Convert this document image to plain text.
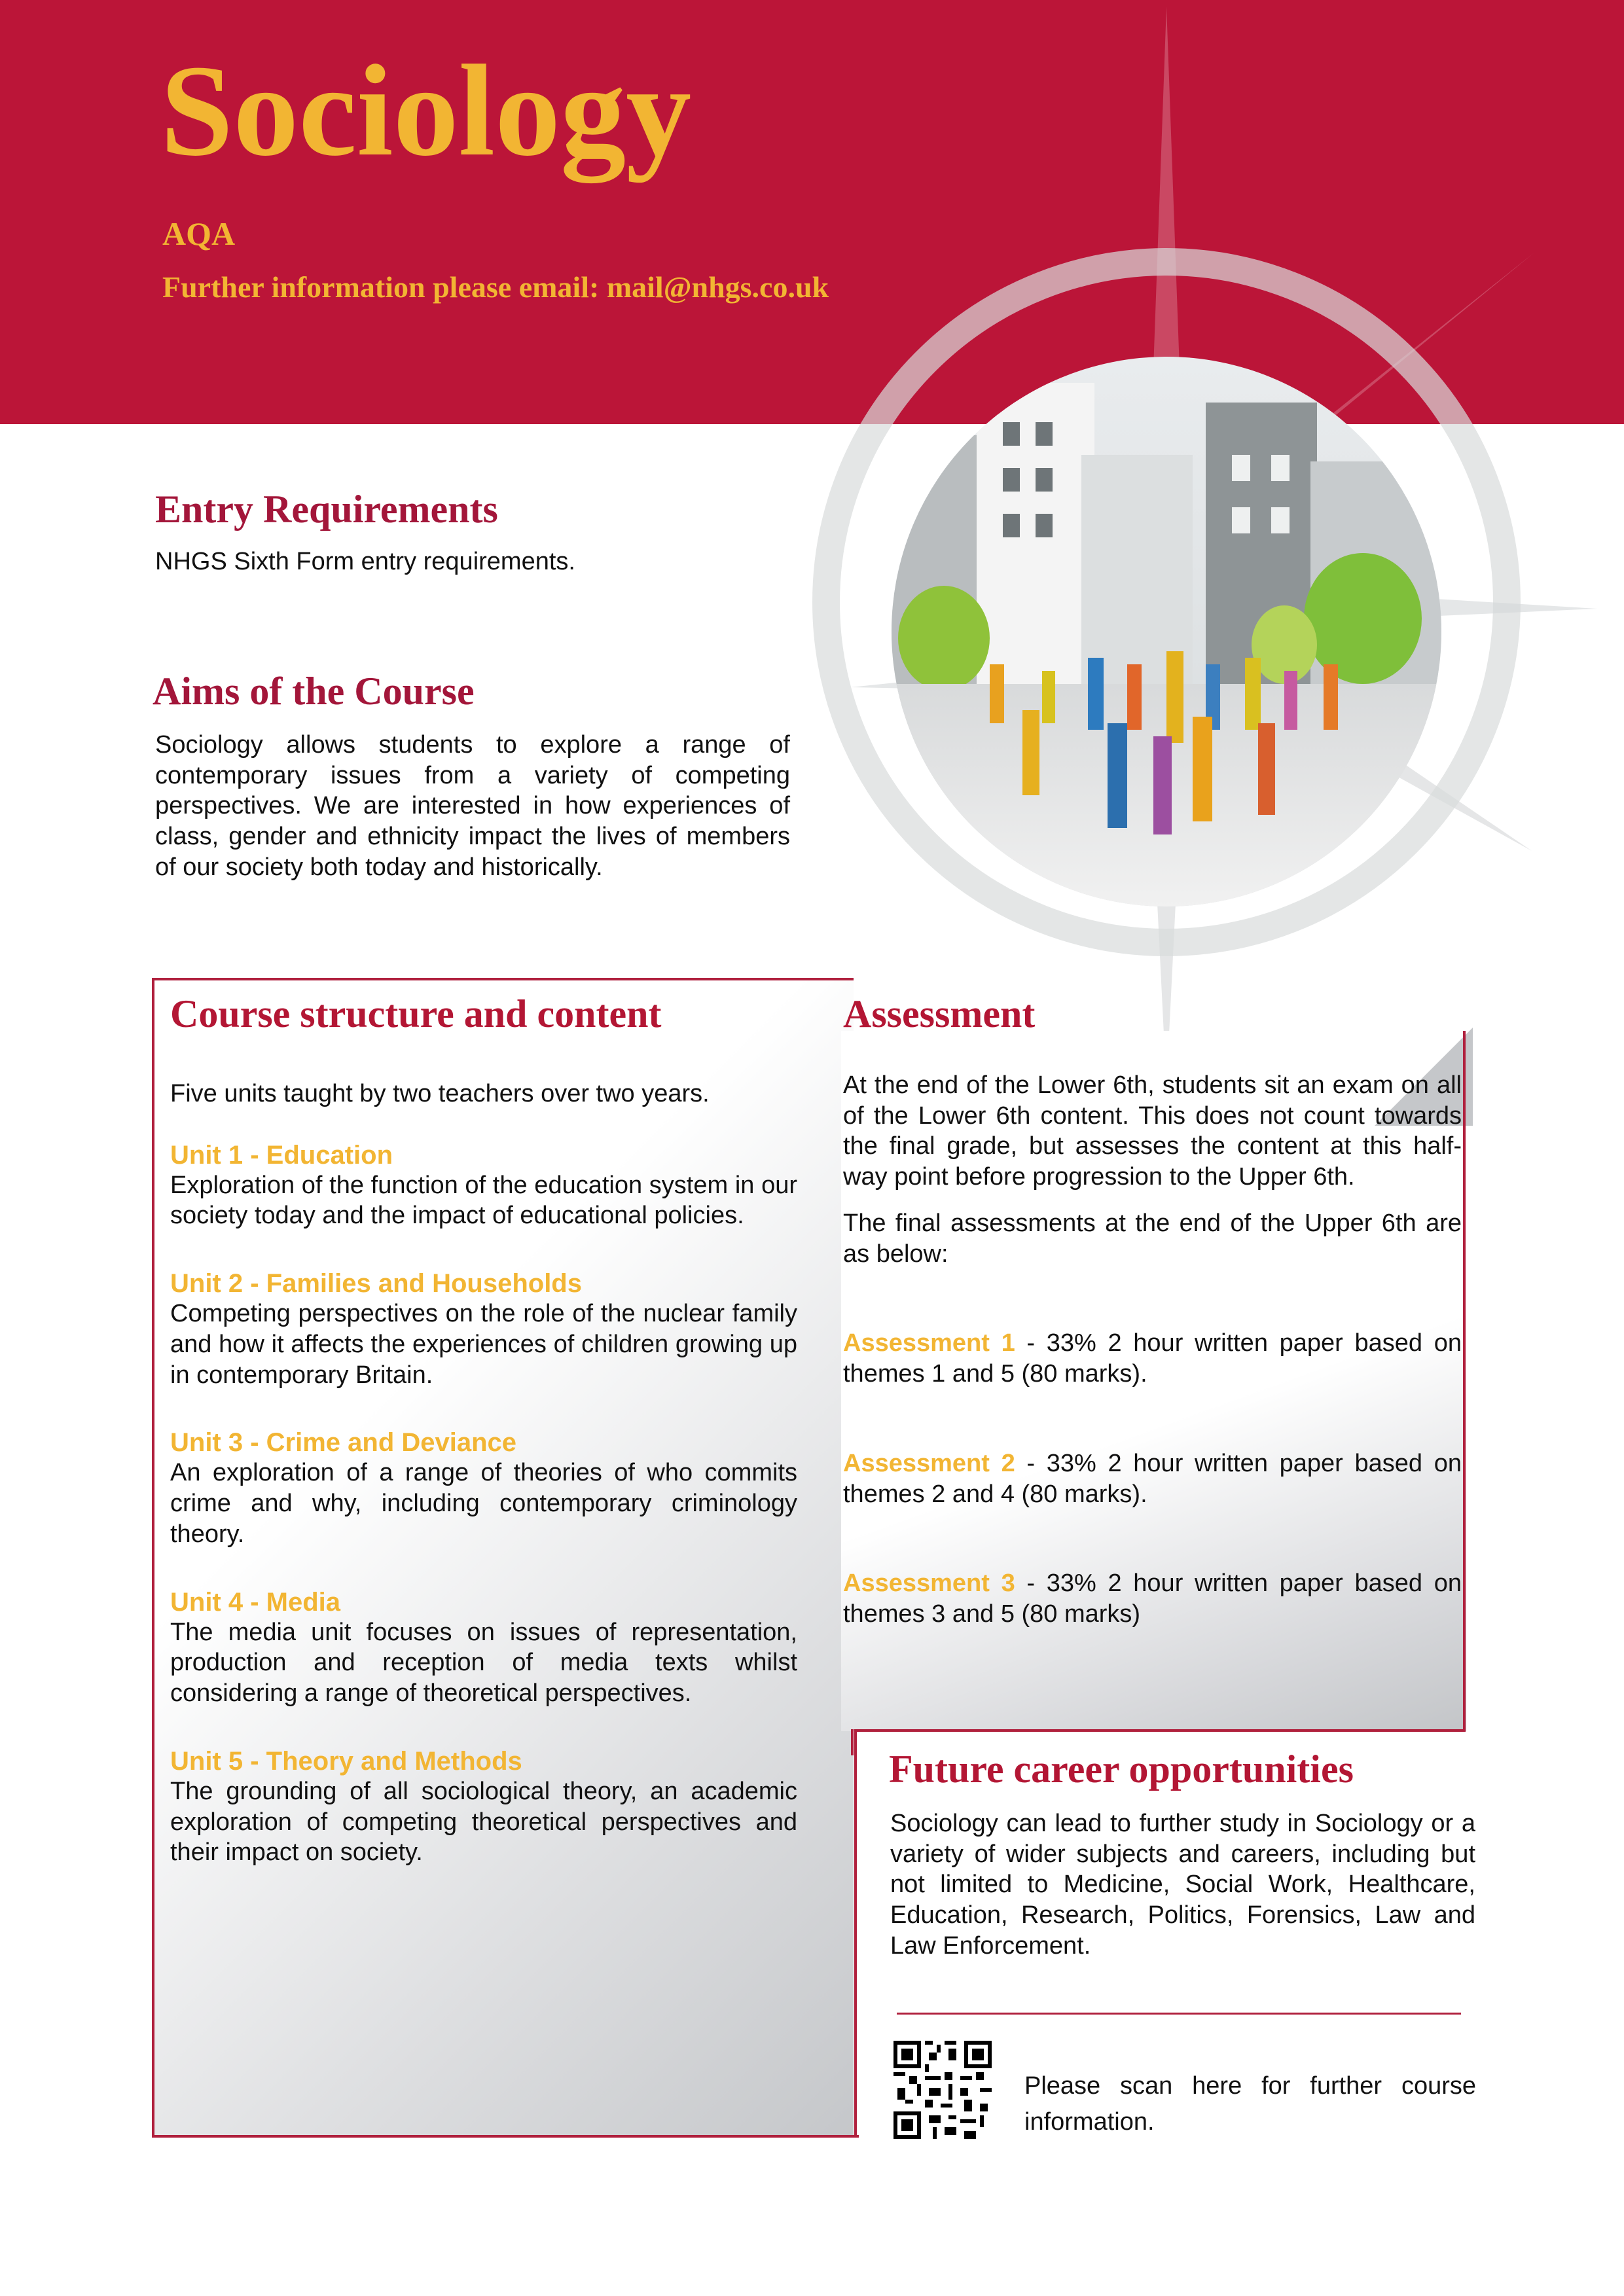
Sociology
AQA
Further information please email: mail@nhgs.co.uk
Entry Requirements

NHGS Sixth Form entry requirements.

Aims of the Course

Sociology allows students to explore a range of contemporary issues from a variety of competing perspectives. We are interested in how experiences of class, gender and ethnicity impact the lives of members of our society both today and historically.

Course structure and content

Five units taught by two teachers over two years.

Unit 1 - Education

Exploration of the function of the education system in our society today and the impact of educational policies.

Unit 2 - Families and Households

Competing perspectives on the role of the nuclear family and how it affects the experiences of children growing up in contemporary Britain.

Unit 3 - Crime and Deviance

An exploration of a range of theories of who commits crime and why, including contemporary criminology theory.

Unit 4 - Media

The media unit focuses on issues of representation, production and reception of media texts whilst considering a range of theoretical perspectives.

Unit 5 - Theory and Methods

The grounding of all sociological theory, an academic exploration of competing theoretical perspectives and their impact on society.

Assessment

At the end of the Lower 6th, students sit an exam on all of the Lower 6th content. This does not count towards the final grade, but assesses the content at this half-way point before progression to the Upper 6th.

The final assessments at the end of the Upper 6th are as below:

Assessment 1 - 33% 2 hour written paper based on themes 1 and 5 (80 marks).

Assessment 2 - 33% 2 hour written paper based on themes 2 and 4 (80 marks).

Assessment 3 - 33% 2 hour written paper based on themes 3 and 5 (80 marks)

Future career opportunities

Sociology can lead to further study in Sociology or a variety of wider subjects and careers, including but not limited to Medicine, Social Work, Healthcare, Education, Research, Politics, Forensics, Law and Law Enforcement.

Please scan here for further course information.
